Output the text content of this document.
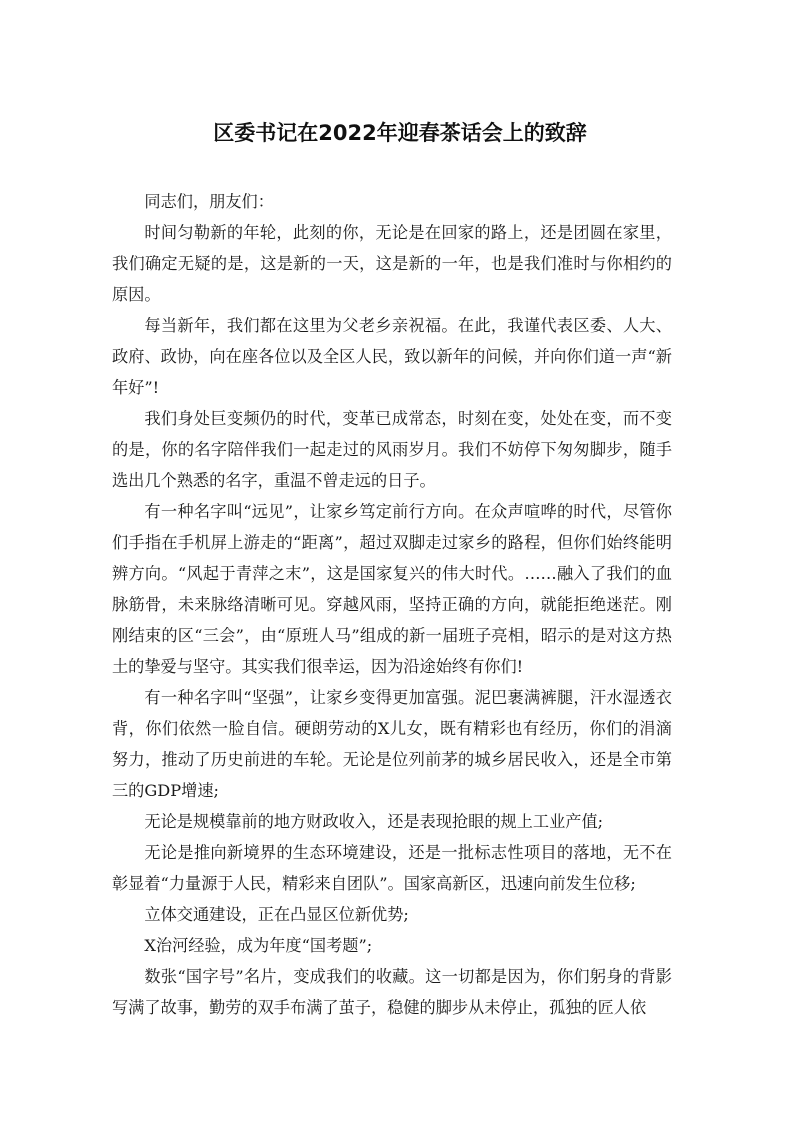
区委书记在2022年迎春茶话会上的致辞

同志们，朋友们：

时间匀勒新的年轮，此刻的你，无论是在回家的路上，还是团圆在家里，我们确定无疑的是，这是新的一天，这是新的一年，也是我们准时与你相约的原因。

每当新年，我们都在这里为父老乡亲祝福。在此，我谨代表区委、人大、政府、政协，向在座各位以及全区人民，致以新年的问候，并向你们道一声“新年好”!

我们身处巨变频仍的时代，变革已成常态，时刻在变，处处在变，而不变的是，你的名字陪伴我们一起走过的风雨岁月。我们不妨停下匆匆脚步，随手选出几个熟悉的名字，重温不曾走远的日子。

有一种名字叫“远见”，让家乡笃定前行方向。在众声喧哗的时代，尽管你们手指在手机屏上游走的“距离”，超过双脚走过家乡的路程，但你们始终能明辨方向。“风起于青萍之末”，这是国家复兴的伟大时代。……融入了我们的血脉筋骨，未来脉络清晰可见。穿越风雨，坚持正确的方向，就能拒绝迷茫。刚刚结束的区“三会”，由“原班人马”组成的新一届班子亮相，昭示的是对这方热土的挚爱与坚守。其实我们很幸运，因为沿途始终有你们!

有一种名字叫“坚强”，让家乡变得更加富强。泥巴裹满裤腿，汗水湿透衣背，你们依然一脸自信。硬朗劳动的X儿女，既有精彩也有经历，你们的涓滴努力，推动了历史前进的车轮。无论是位列前茅的城乡居民收入，还是全市第三的GDP增速;

无论是规模靠前的地方财政收入，还是表现抢眼的规上工业产值;

无论是推向新境界的生态环境建设，还是一批标志性项目的落地，无不在彰显着“力量源于人民，精彩来自团队”。国家高新区，迅速向前发生位移;

立体交通建设，正在凸显区位新优势;

X治河经验，成为年度“国考题”;

数张“国字号”名片，变成我们的收藏。这一切都是因为，你们躬身的背影写满了故事，勤劳的双手布满了茧子，稳健的脚步从未停止，孤独的匠人依
